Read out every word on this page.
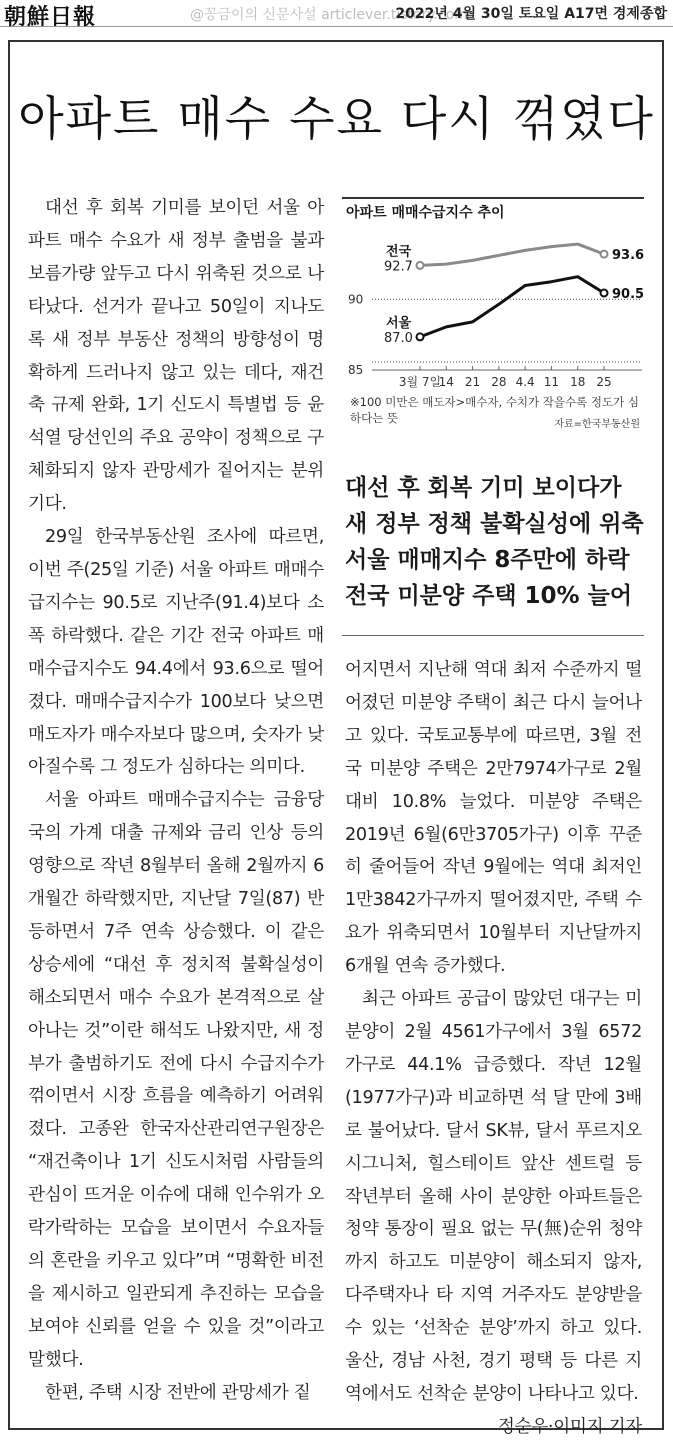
朝鮮日報	@꽁금이의 신문사설 articlever.tistory.com
2022년 4월 30일 토요일 A17면 경제종합
아파트 매수 수요 다시 꺾였다

대선 후 회복 기미를 보이던 서울 아파트 매수 수요가 새 정부 출범을 불과 보름가량 앞두고 다시 위축된 것으로 나타났다. 선거가 끝나고 50일이 지나도록 새 정부 부동산 정책의 방향성이 명확하게 드러나지 않고 있는 데다, 재건축 규제 완화, 1기 신도시 특별법 등 윤석열 당선인의 주요 공약이 정책으로 구체화되지 않자 관망세가 짙어지는 분위기다.

29일 한국부동산원 조사에 따르면, 이번 주(25일 기준) 서울 아파트 매매수급지수는 90.5로 지난주(91.4)보다 소폭 하락했다. 같은 기간 전국 아파트 매매수급지수도 94.4에서 93.6으로 떨어졌다. 매매수급지수가 100보다 낮으면 매도자가 매수자보다 많으며, 숫자가 낮아질수록 그 정도가 심하다는 의미다.

서울 아파트 매매수급지수는 금융당국의 가계 대출 규제와 금리 인상 등의 영향으로 작년 8월부터 올해 2월까지 6개월간 하락했지만, 지난달 7일(87) 반등하면서 7주 연속 상승했다. 이 같은 상승세에 “대선 후 정치적 불확실성이 해소되면서 매수 수요가 본격적으로 살아나는 것”이란 해석도 나왔지만, 새 정부가 출범하기도 전에 다시 수급지수가 꺾이면서 시장 흐름을 예측하기 어려워졌다. 고종완 한국자산관리연구원장은 “재건축이나 1기 신도시처럼 사람들의 관심이 뜨거운 이슈에 대해 인수위가 오락가락하는 모습을 보이면서 수요자들의 혼란을 키우고 있다”며 “명확한 비전을 제시하고 일관되게 추진하는 모습을 보여야 신뢰를 얻을 수 있을 것”이라고 말했다.

한편, 주택 시장 전반에 관망세가 짙

아파트 매매수급지수 추이
90
85
3월 7일
14 21 28 4.4 11 18 25
전국
92.7
93.6
서울
87.0
90.5
※100 미만은 매도자>매수자, 수치가 작을수록 정도가 심하다는 뜻	자료=한국부동산원
대선 후 회복 기미 보이다가
새 정부 정책 불확실성에 위축
서울 매매지수 8주만에 하락
전국 미분양 주택 10% 늘어

어지면서 지난해 역대 최저 수준까지 떨어졌던 미분양 주택이 최근 다시 늘어나고 있다. 국토교통부에 따르면, 3월 전국 미분양 주택은 2만7974가구로 2월 대비 10.8% 늘었다. 미분양 주택은 2019년 6월(6만3705가구) 이후 꾸준히 줄어들어 작년 9월에는 역대 최저인 1만3842가구까지 떨어졌지만, 주택 수요가 위축되면서 10월부터 지난달까지 6개월 연속 증가했다.

최근 아파트 공급이 많았던 대구는 미분양이 2월 4561가구에서 3월 6572가구로 44.1% 급증했다. 작년 12월(1977가구)과 비교하면 석 달 만에 3배로 불어났다. 달서 SK뷰, 달서 푸르지오 시그니처, 힐스테이트 앞산 센트럴 등 작년부터 올해 사이 분양한 아파트들은 청약 통장이 필요 없는 무(無)순위 청약까지 하고도 미분양이 해소되지 않자, 다주택자나 타 지역 거주자도 분양받을 수 있는 ‘선착순 분양’까지 하고 있다. 울산, 경남 사천, 경기 평택 등 다른 지역에서도 선착순 분양이 나타나고 있다.

정순우·이미지 기자
